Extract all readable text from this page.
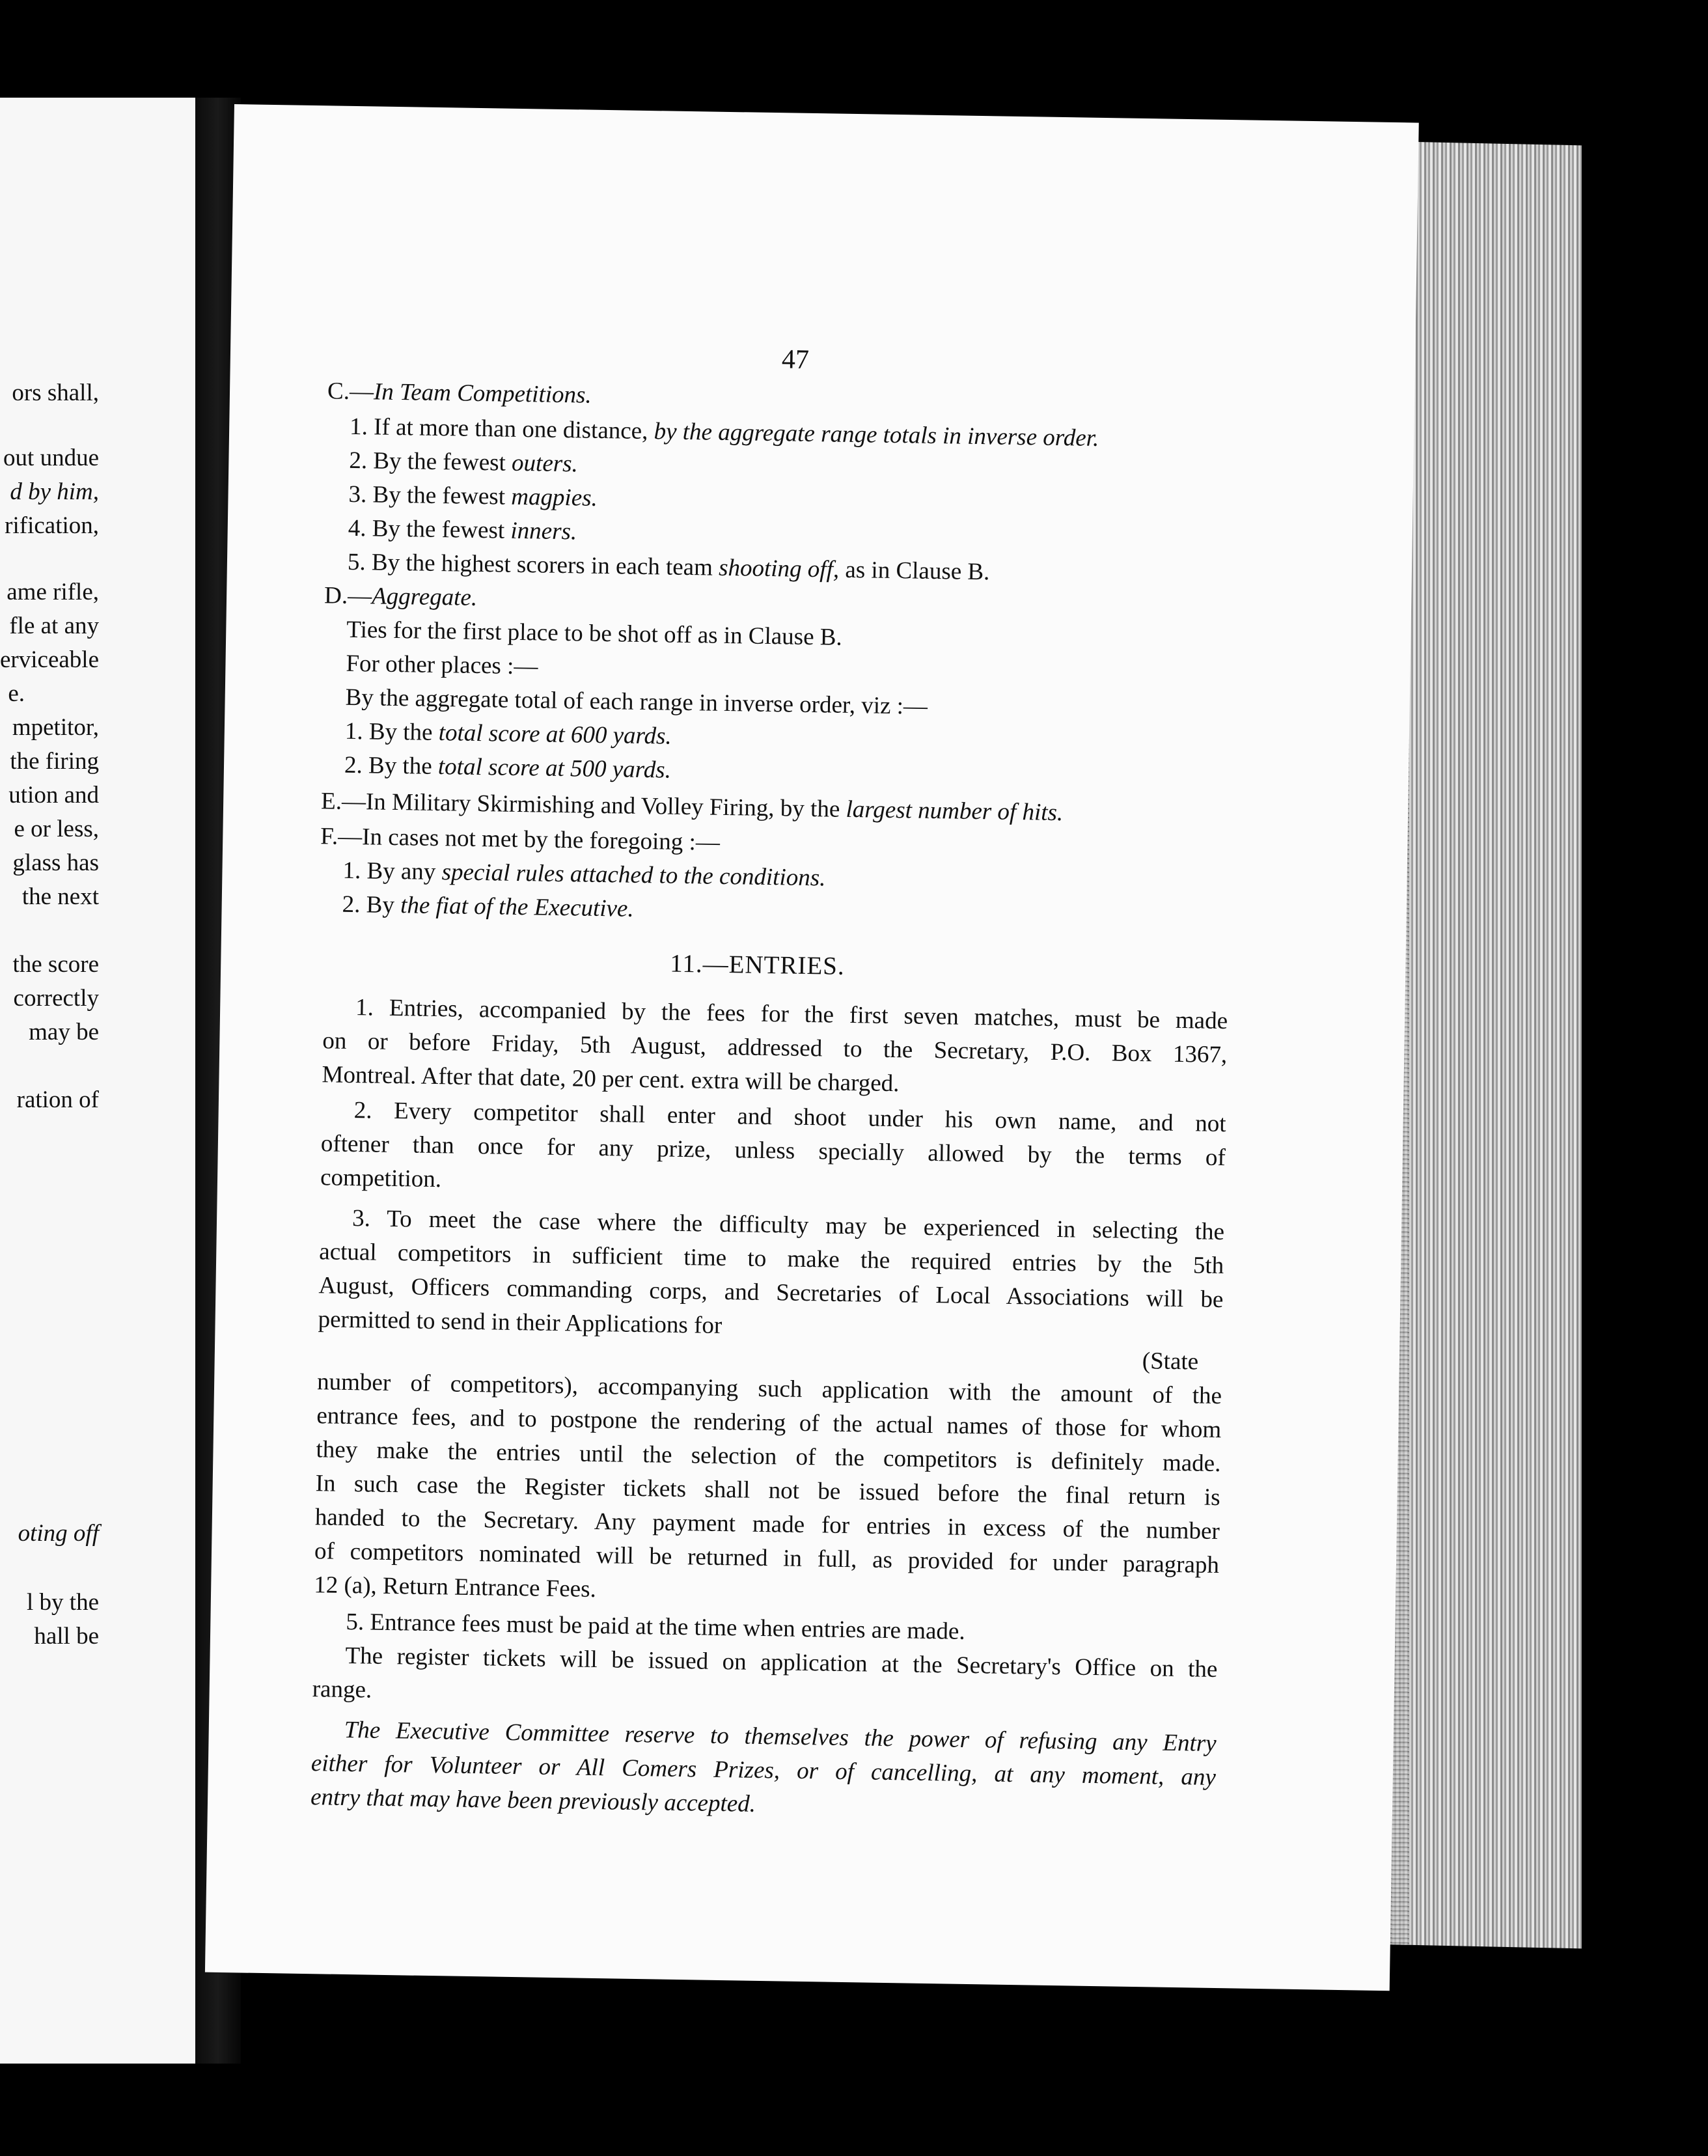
ors shall,
out undue
d by him,
rification,
ame rifle,
fle at any
erviceable
e.
mpetitor,
the firing
ution and
e or less,
glass has
the next
the score
correctly
may be
ration of
oting off
l by the
hall be
47
C.—In Team Competitions.
1. If at more than one distance, by the aggregate range totals in inverse order.
2. By the fewest outers.
3. By the fewest magpies.
4. By the fewest inners.
5. By the highest scorers in each team shooting off, as in Clause B.
D.—Aggregate.
Ties for the first place to be shot off as in Clause B.
For other places :—
By the aggregate total of each range in inverse order, viz :—
1. By the total score at 600 yards.
2. By the total score at 500 yards.
E.—In Military Skirmishing and Volley Firing, by the largest number of hits.
F.—In cases not met by the foregoing :—
1. By any special rules attached to the conditions.
2. By the fiat of the Executive.
11.—ENTRIES.
1. Entries, accompanied by the fees for the first seven matches, must be made
on or before Friday, 5th August, addressed to the Secretary, P.O. Box 1367,
Montreal. After that date, 20 per cent. extra will be charged.
2. Every competitor shall enter and shoot under his own name, and not
oftener than once for any prize, unless specially allowed by the terms of
competition.
3. To meet the case where the difficulty may be experienced in selecting the
actual competitors in sufficient time to make the required entries by the 5th
August, Officers commanding corps, and Secretaries of Local Associations will be
permitted to send in their Applications for
(State
number of competitors), accompanying such application with the amount of the
entrance fees, and to postpone the rendering of the actual names of those for whom
they make the entries until the selection of the competitors is definitely made.
In such case the Register tickets shall not be issued before the final return is
handed to the Secretary. Any payment made for entries in excess of the number
of competitors nominated will be returned in full, as provided for under paragraph
12 (a), Return Entrance Fees.
5. Entrance fees must be paid at the time when entries are made.
The register tickets will be issued on application at the Secretary's Office on the
range.
The Executive Committee reserve to themselves the power of refusing any Entry
either for Volunteer or All Comers Prizes, or of cancelling, at any moment, any
entry that may have been previously accepted.
